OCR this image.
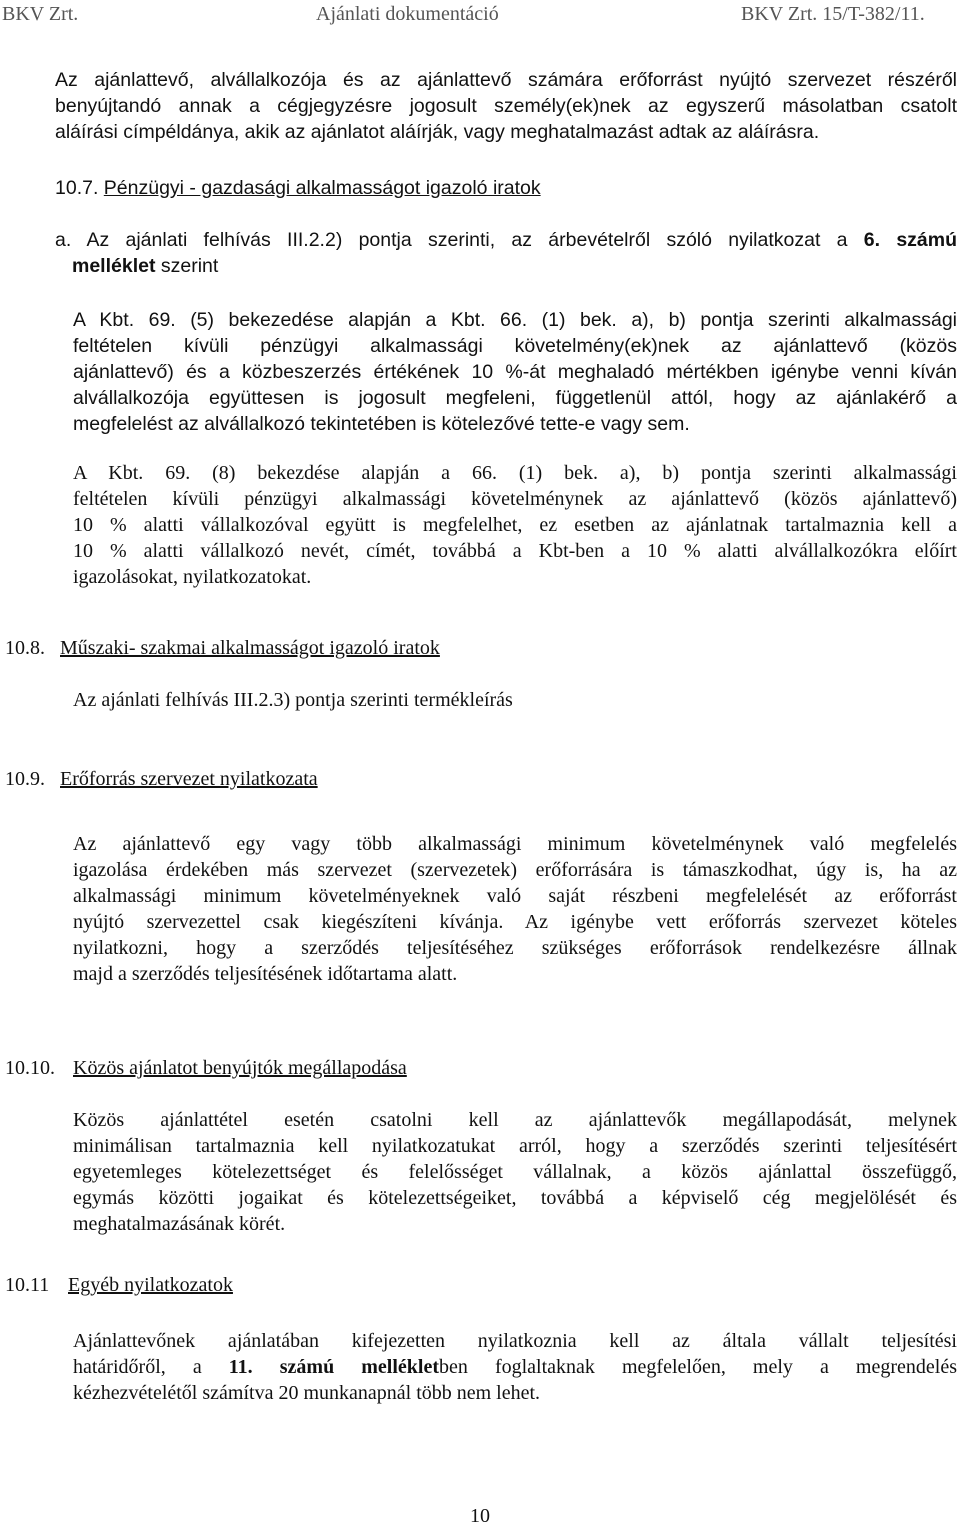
BKV Zrt.	Ajánlati dokumentáció	BKV Zrt. 15/T-382/11.
Az ajánlattevő, alvállalkozója és az ajánlattevő számára erőforrást nyújtó szervezet részéről
benyújtandó annak a cégjegyzésre jogosult személy(ek)nek az egyszerű másolatban csatolt
aláírási címpéldánya, akik az ajánlatot aláírják, vagy meghatalmazást adtak az aláírásra.
10.7. Pénzügyi - gazdasági alkalmasságot igazoló iratok
a. Az ajánlati felhívás III.2.2) pontja szerinti, az árbevételről szóló nyilatkozat a 6. számú
melléklet szerint
A Kbt. 69. (5) bekezedése alapján a Kbt. 66. (1) bek. a), b) pontja szerinti alkalmassági
feltételen kívüli pénzügyi alkalmassági követelmény(ek)nek az ajánlattevő (közös
ajánlattevő) és a közbeszerzés értékének 10 %-át meghaladó mértékben igénybe venni kíván
alvállalkozója együttesen is jogosult megfeleni, függetlenül attól, hogy az ajánlakérő a
megfelelést az alvállalkozó tekintetében is kötelezővé tette-e vagy sem.
A Kbt. 69. (8) bekezdése alapján a 66. (1) bek. a), b) pontja szerinti alkalmassági
feltételen kívüli pénzügyi alkalmassági követelménynek az ajánlattevő (közös ajánlattevő)
10 % alatti vállalkozóval együtt is megfelelhet, ez esetben az ajánlatnak tartalmaznia kell a
10 % alatti vállalkozó nevét, címét, továbbá a Kbt-ben a 10 % alatti alvállalkozókra előírt
igazolásokat, nyilatkozatokat.
10.8. Műszaki- szakmai alkalmasságot igazoló iratok
Az ajánlati felhívás III.2.3) pontja szerinti termékleírás
10.9. Erőforrás szervezet nyilatkozata
Az ajánlattevő egy vagy több alkalmassági minimum követelménynek való megfelelés
igazolása érdekében más szervezet (szervezetek) erőforrására is támaszkodhat, úgy is, ha az
alkalmassági minimum követelményeknek való saját részbeni megfelelését az erőforrást
nyújtó szervezettel csak kiegészíteni kívánja. Az igénybe vett erőforrás szervezet köteles
nyilatkozni, hogy a szerződés teljesítéséhez szükséges erőforrások rendelkezésre állnak
majd a szerződés teljesítésének időtartama alatt.
10.10. Közös ajánlatot benyújtók megállapodása
Közös ajánlattétel esetén csatolni kell az ajánlattevők megállapodását, melynek
minimálisan tartalmaznia kell nyilatkozatukat arról, hogy a szerződés szerinti teljesítésért
egyetemleges kötelezettséget és felelősséget vállalnak, a közös ajánlattal összefüggő,
egymás közötti jogaikat és kötelezettségeiket, továbbá a képviselő cég megjelölését és
meghatalmazásának körét.
10.11 Egyéb nyilatkozatok
Ajánlattevőnek ajánlatában kifejezetten nyilatkoznia kell az általa vállalt teljesítési
határidőről, a 11. számú mellékletben foglaltaknak megfelelően, mely a megrendelés
kézhezvételétől számítva 20 munkanapnál több nem lehet.
10
